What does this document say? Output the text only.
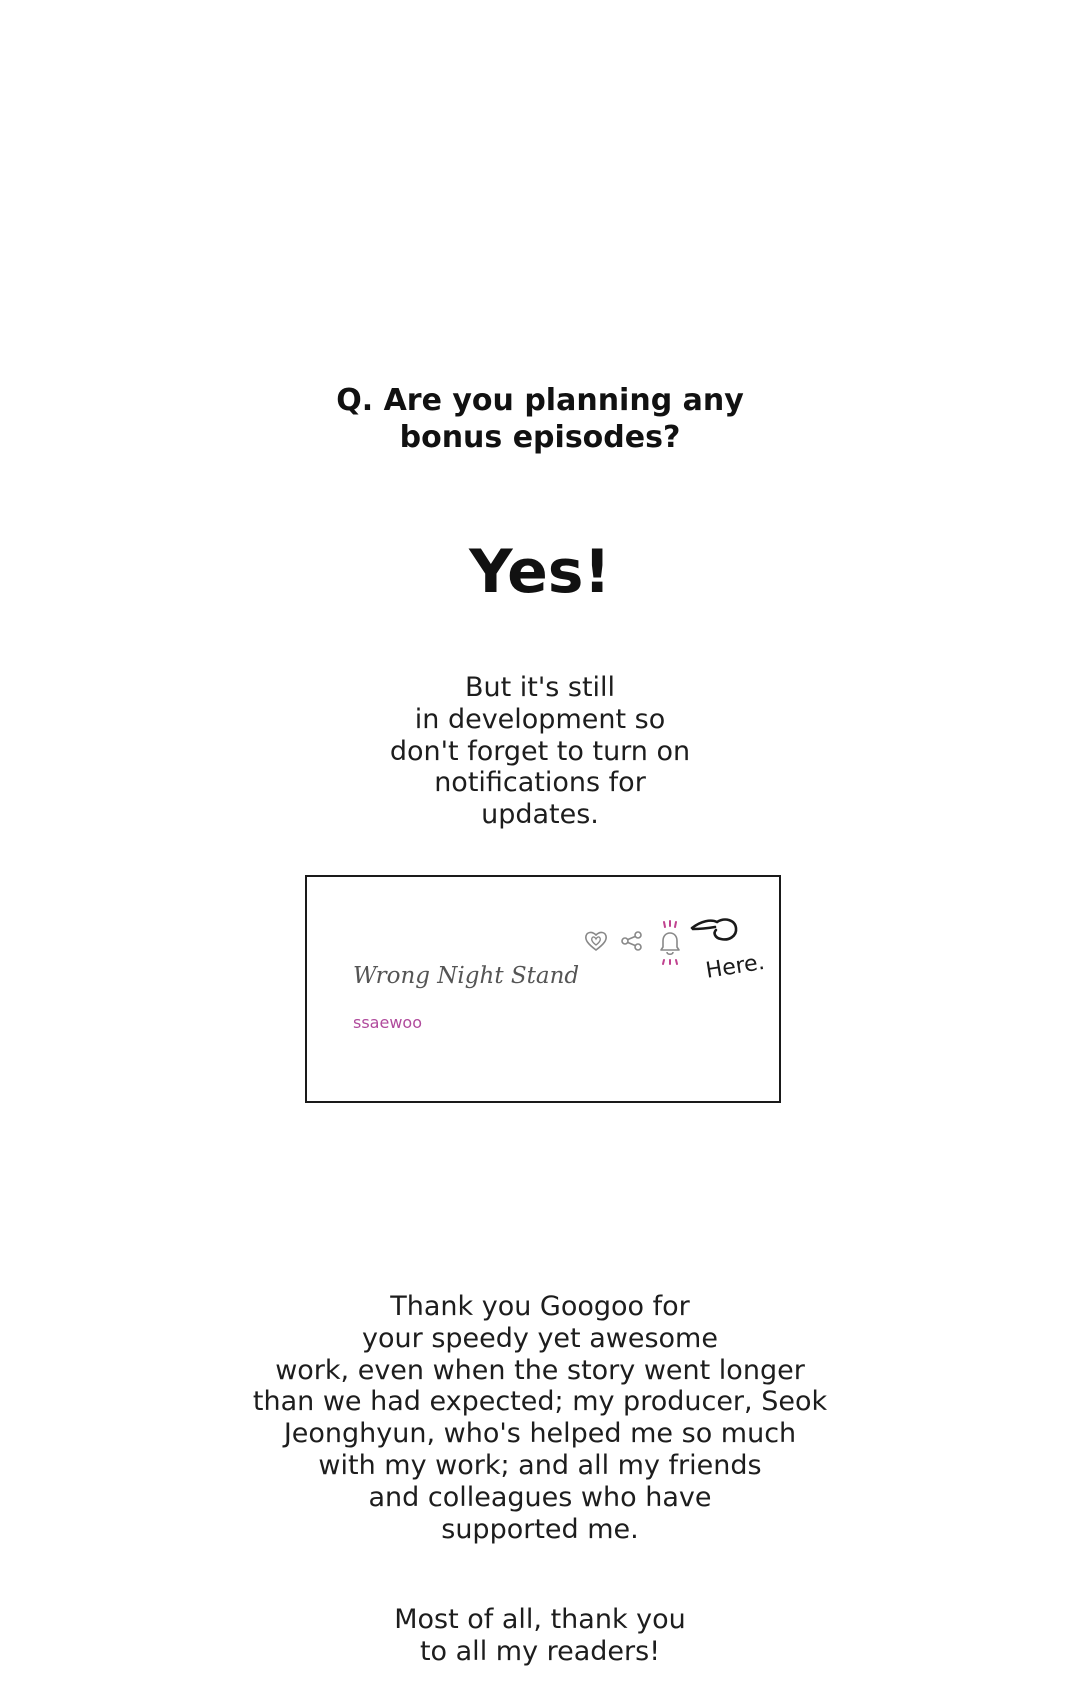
Q. Are you planning any
bonus episodes?
Yes!
But it's still
in development so
don't forget to turn on
notifications for
updates.
Here.
Wrong Night Stand
ssaewoo
Thank you Googoo for
your speedy yet awesome
work, even when the story went longer
than we had expected; my producer, Seok
Jeonghyun, who's helped me so much
with my work; and all my friends
and colleagues who have
supported me.
Most of all, thank you
to all my readers!
